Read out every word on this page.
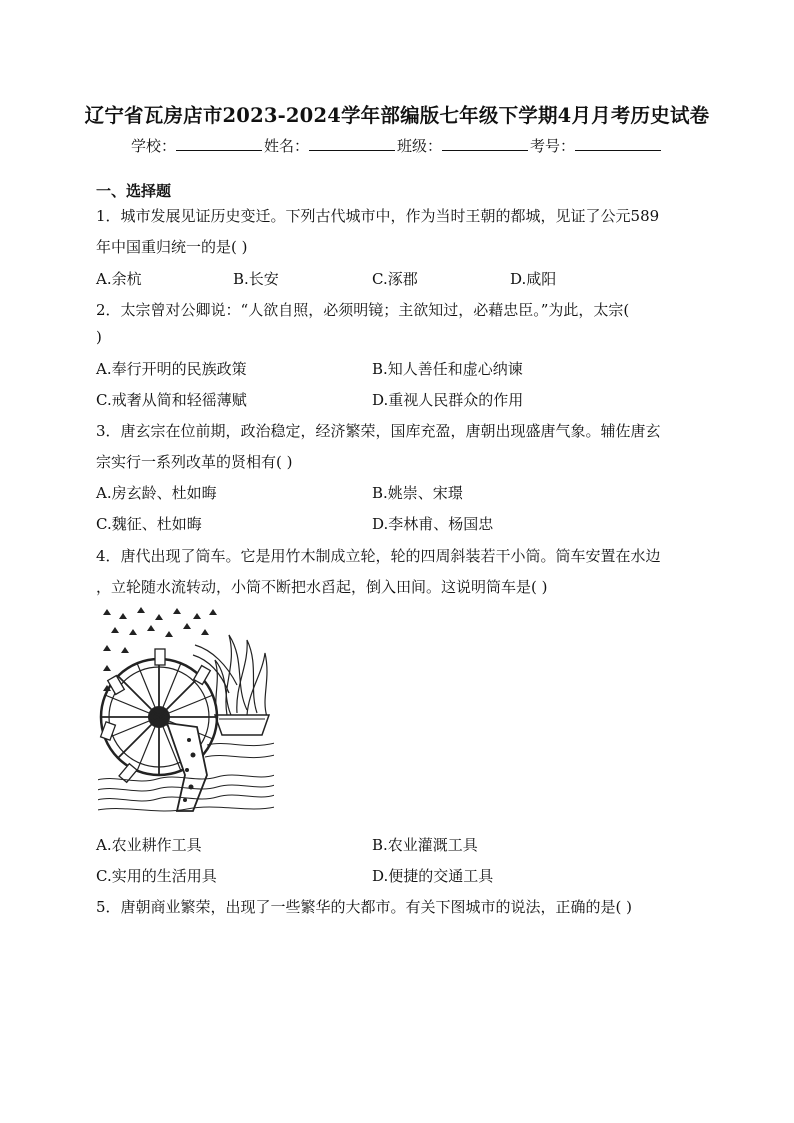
辽宁省瓦房店市2023-2024学年部编版七年级下学期4月月考历史试卷
学校：	姓名：	班级：	考号：
一、选择题
1．城市发展见证历史变迁。下列古代城市中，作为当时王朝的都城，见证了公元589
年中国重归统一的是( )
A.余杭	B.长安	C.涿郡	D.咸阳
2．太宗曾对公卿说：“人欲自照，必须明镜；主欲知过，必藉忠臣。”为此，太宗(
)
A.奉行开明的民族政策	B.知人善任和虚心纳谏
C.戒奢从简和轻徭薄赋	D.重视人民群众的作用
3．唐玄宗在位前期，政治稳定，经济繁荣，国库充盈，唐朝出现盛唐气象。辅佐唐玄
宗实行一系列改革的贤相有( )
A.房玄龄、杜如晦	B.姚崇、宋璟
C.魏征、杜如晦	D.李林甫、杨国忠
4．唐代出现了筒车。它是用竹木制成立轮，轮的四周斜装若干小筒。筒车安置在水边
，立轮随水流转动，小筒不断把水舀起，倒入田间。这说明筒车是( )
A.农业耕作工具	B.农业灌溉工具
C.实用的生活用具	D.便捷的交通工具
5．唐朝商业繁荣，出现了一些繁华的大都市。有关下图城市的说法，正确的是( )
